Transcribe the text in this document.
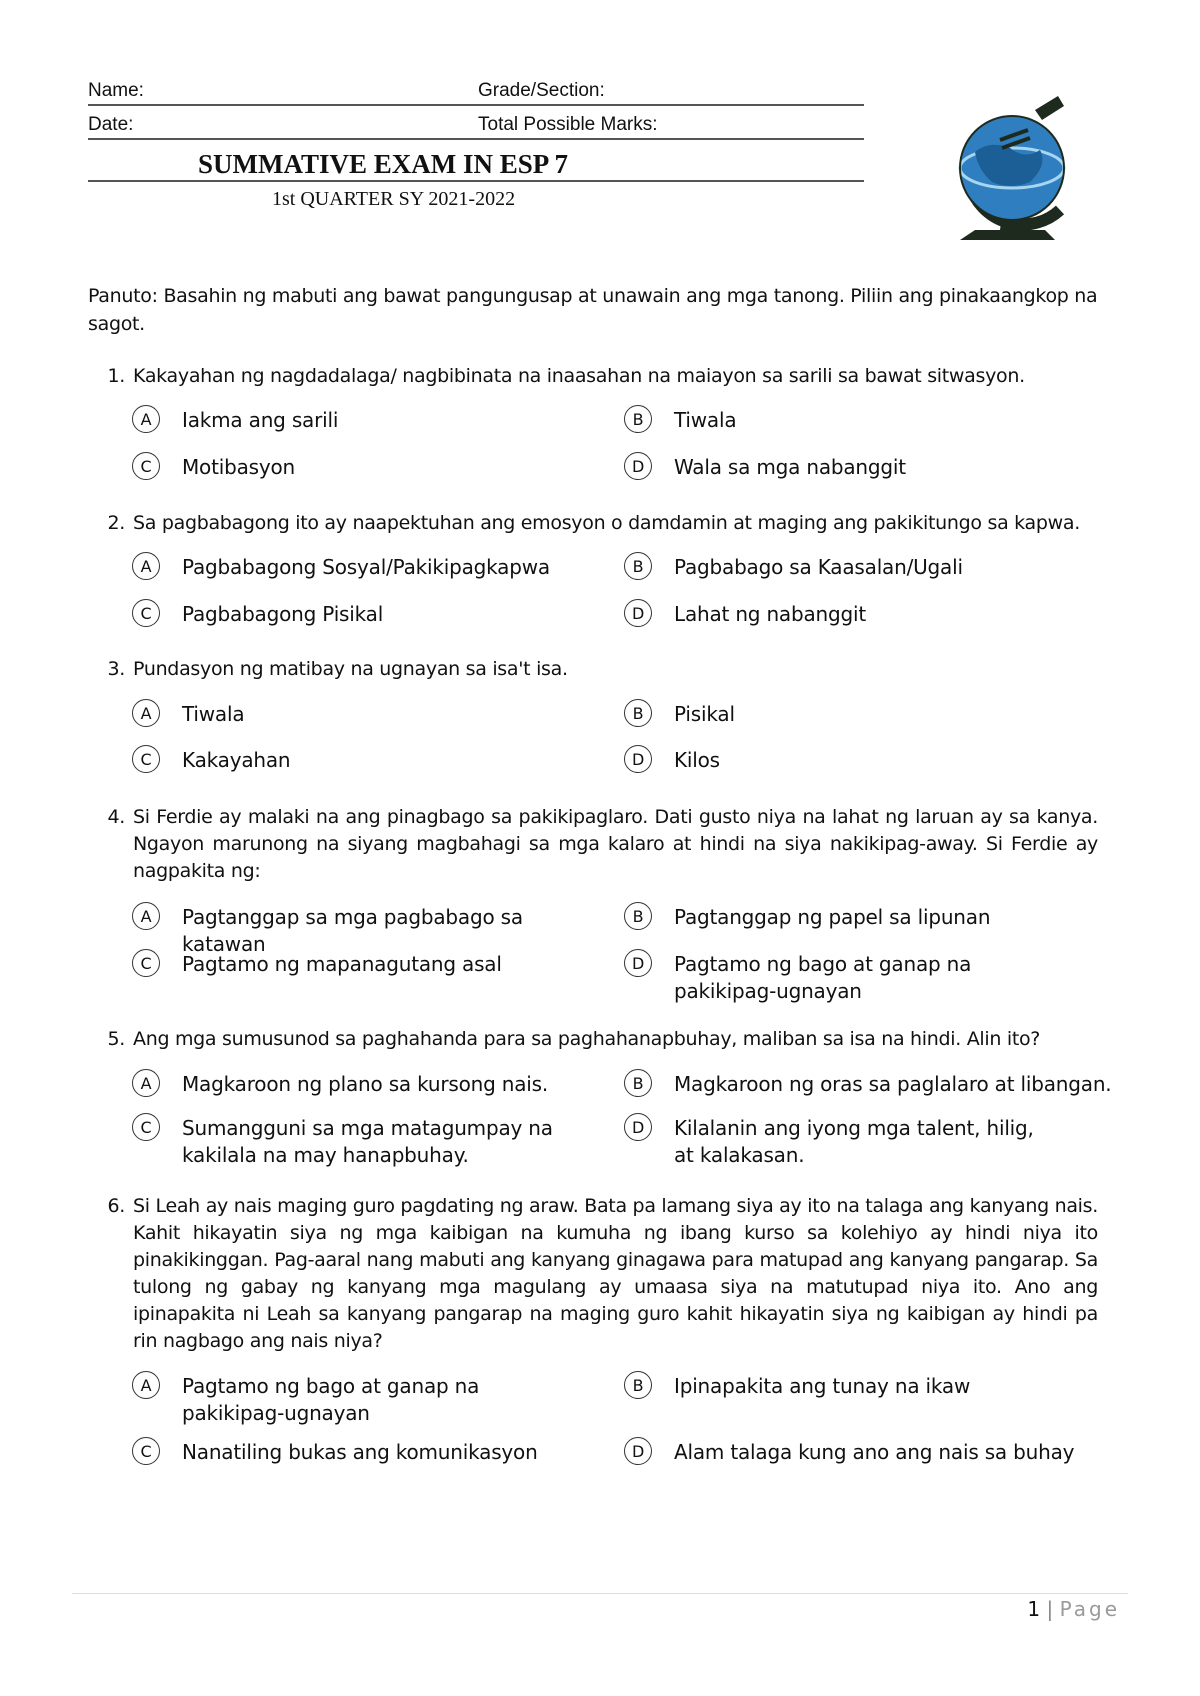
Name:	Grade/Section:
Date:	Total Possible Marks:
SUMMATIVE EXAM IN ESP 7
1st QUARTER SY 2021-2022
Panuto: Basahin ng mabuti ang bawat pangungusap at unawain ang mga tanong. Piliin ang pinakaangkop na sagot.
1. Kakayahan ng nagdadalaga/ nagbibinata na inaasahan na maiayon sa sarili sa bawat sitwasyon.
A	Iakma ang sarili	B	Tiwala
C	Motibasyon	D	Wala sa mga nabanggit
2. Sa pagbabagong ito ay naapektuhan ang emosyon o damdamin at maging ang pakikitungo sa kapwa.
A	Pagbabagong Sosyal/Pakikipagkapwa	B	Pagbabago sa Kaasalan/Ugali
C	Pagbabagong Pisikal	D	Lahat ng nabanggit
3. Pundasyon ng matibay na ugnayan sa isa't isa.
A	Tiwala	B	Pisikal
C	Kakayahan	D	Kilos
4. Si Ferdie ay malaki na ang pinagbago sa pakikipaglaro. Dati gusto niya na lahat ng laruan ay sa kanya. Ngayon marunong na siyang magbahagi sa mga kalaro at hindi na siya nakikipag-away. Si Ferdie ay nagpakita ng:
A	Pagtanggap sa mga pagbabago sa katawan
B	Pagtanggap ng papel sa lipunan
C	Pagtamo ng mapanagutang asal	D	Pagtamo ng bago at ganap na pakikipag-ugnayan
5. Ang mga sumusunod sa paghahanda para sa paghahanapbuhay, maliban sa isa na hindi. Alin ito?
A	Magkaroon ng plano sa kursong nais.	B	Magkaroon ng oras sa paglalaro at libangan.
C	Sumangguni sa mga matagumpay na kakilala na may hanapbuhay.
D	Kilalanin ang iyong mga talent, hilig, at kalakasan.
6. Si Leah ay nais maging guro pagdating ng araw. Bata pa lamang siya ay ito na talaga ang kanyang nais. Kahit hikayatin siya ng mga kaibigan na kumuha ng ibang kurso sa kolehiyo ay hindi niya ito pinakikinggan. Pag-aaral nang mabuti ang kanyang ginagawa para matupad ang kanyang pangarap. Sa tulong ng gabay ng kanyang mga magulang ay umaasa siya na matutupad niya ito. Ano ang ipinapakita ni Leah sa kanyang pangarap na maging guro kahit hikayatin siya ng kaibigan ay hindi pa rin nagbago ang nais niya?
A	Pagtamo ng bago at ganap na pakikipag-ugnayan
B	Ipinapakita ang tunay na ikaw
C	Nanatiling bukas ang komunikasyon	D	Alam talaga kung ano ang nais sa buhay
1 | Page
